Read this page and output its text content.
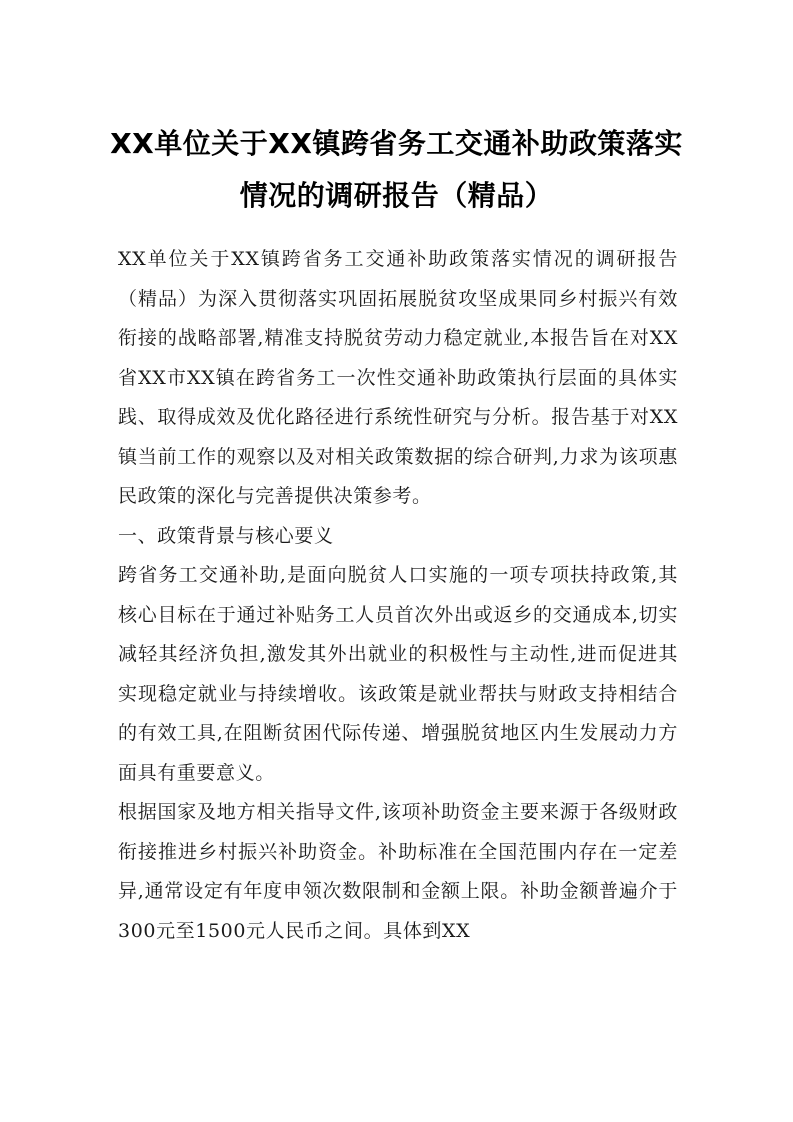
XX单位关于XX镇跨省务工交通补助政策落实情况的调研报告（精品）

XX单位关于XX镇跨省务工交通补助政策落实情况的调研报告（精品）为深入贯彻落实巩固拓展脱贫攻坚成果同乡村振兴有效衔接的战略部署,精准支持脱贫劳动力稳定就业,本报告旨在对XX省XX市XX镇在跨省务工一次性交通补助政策执行层面的具体实践、取得成效及优化路径进行系统性研究与分析。报告基于对XX镇当前工作的观察以及对相关政策数据的综合研判,力求为该项惠民政策的深化与完善提供决策参考。

一、政策背景与核心要义

跨省务工交通补助,是面向脱贫人口实施的一项专项扶持政策,其核心目标在于通过补贴务工人员首次外出或返乡的交通成本,切实减轻其经济负担,激发其外出就业的积极性与主动性,进而促进其实现稳定就业与持续增收。该政策是就业帮扶与财政支持相结合的有效工具,在阻断贫困代际传递、增强脱贫地区内生发展动力方面具有重要意义。

根据国家及地方相关指导文件,该项补助资金主要来源于各级财政衔接推进乡村振兴补助资金。补助标准在全国范围内存在一定差异,通常设定有年度申领次数限制和金额上限。补助金额普遍介于300元至1500元人民币之间。具体到XX
